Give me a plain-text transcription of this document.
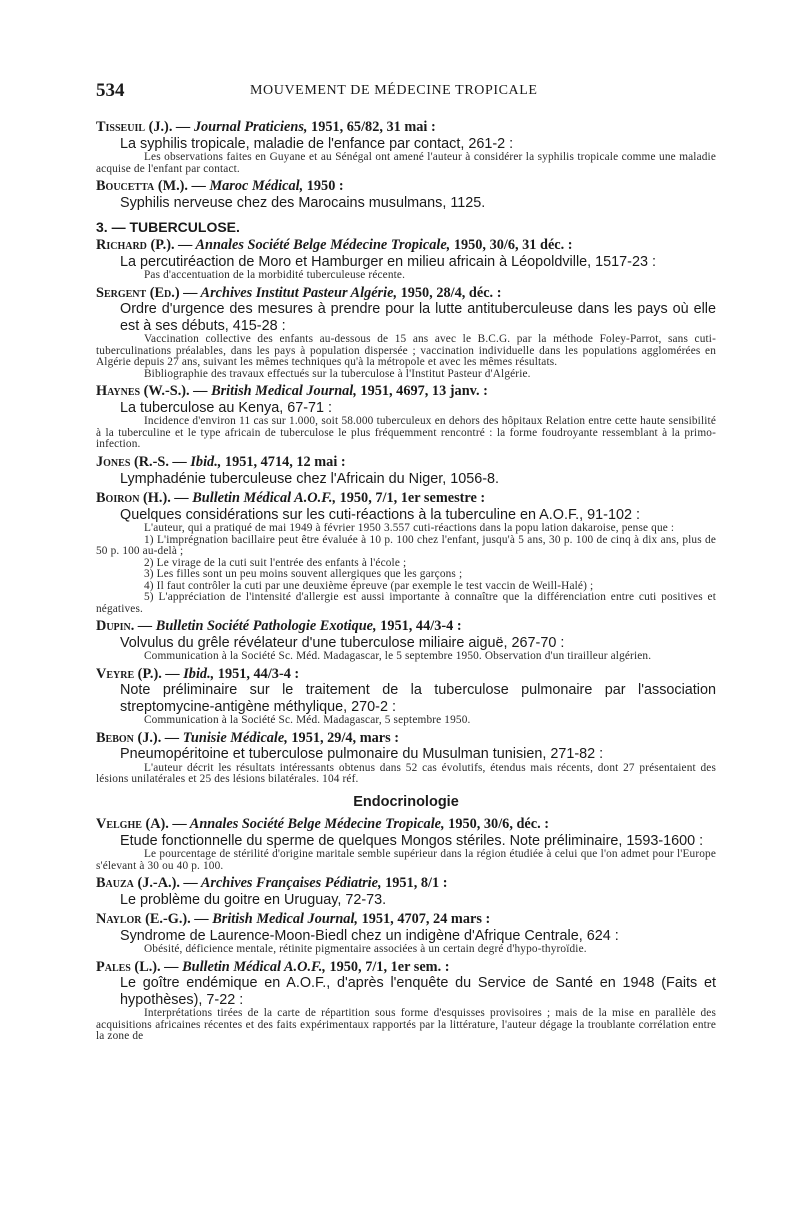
534	MOUVEMENT DE MÉDECINE TROPICALE
Tisseuil (J.). — Journal Praticiens, 1951, 65/82, 31 mai :
La syphilis tropicale, maladie de l'enfance par contact, 261-2 :

Les observations faites en Guyane et au Sénégal ont amené l'auteur à considérer la syphilis tropicale comme une maladie acquise de l'enfant par contact.

Boucetta (M.). — Maroc Médical, 1950 :
Syphilis nerveuse chez des Marocains musulmans, 1125.
3. — TUBERCULOSE.
Richard (P.). — Annales Société Belge Médecine Tropicale, 1950, 30/6, 31 déc. :
La percutiréaction de Moro et Hamburger en milieu africain à Léopoldville, 1517-23 :

Pas d'accentuation de la morbidité tuberculeuse récente.

Sergent (Ed.) — Archives Institut Pasteur Algérie, 1950, 28/4, déc. :
Ordre d'urgence des mesures à prendre pour la lutte antituberculeuse dans les pays où elle est à ses débuts, 415-28 :

Vaccination collective des enfants au-dessous de 15 ans avec le B.C.G. par la méthode Foley-Parrot, sans cuti-tuberculinations préalables, dans les pays à population dispersée ; vaccination individuelle dans les populations agglomérées en Algérie depuis 27 ans, suivant les mêmes techniques qu'à la métropole et avec les mêmes résultats.

Bibliographie des travaux effectués sur la tuberculose à l'Institut Pasteur d'Algérie.

Haynes (W.-S.). — British Medical Journal, 1951, 4697, 13 janv. :
La tuberculose au Kenya, 67-71 :

Incidence d'environ 11 cas sur 1.000, soit 58.000 tuberculeux en dehors des hôpitaux Relation entre cette haute sensibilité à la tuberculine et le type africain de tuberculose le plus fréquemment rencontré : la forme foudroyante ressemblant à la primo-infection.

Jones (R.-S. — Ibid., 1951, 4714, 12 mai :
Lymphadénie tuberculeuse chez l'Africain du Niger, 1056-8.
Boiron (H.). — Bulletin Médical A.O.F., 1950, 7/1, 1er semestre :
Quelques considérations sur les cuti-réactions à la tuberculine en A.O.F., 91-102 :

L'auteur, qui a pratiqué de mai 1949 à février 1950 3.557 cuti-réactions dans la popu lation dakaroise, pense que :

1) L'imprégnation bacillaire peut être évaluée à 10 p. 100 chez l'enfant, jusqu'à 5 ans, 30 p. 100 de cinq à dix ans, plus de 50 p. 100 au-delà ;

2) Le virage de la cuti suit l'entrée des enfants à l'école ;

3) Les filles sont un peu moins souvent allergiques que les garçons ;

4) Il faut contrôler la cuti par une deuxième épreuve (par exemple le test vaccin de Weill-Halé) ;

5) L'appréciation de l'intensité d'allergie est aussi importante à connaître que la différenciation entre cuti positives et négatives.

Dupin. — Bulletin Société Pathologie Exotique, 1951, 44/3-4 :
Volvulus du grêle révélateur d'une tuberculose miliaire aiguë, 267-70 :

Communication à la Société Sc. Méd. Madagascar, le 5 septembre 1950. Observation d'un tirailleur algérien.

Veyre (P.). — Ibid., 1951, 44/3-4 :
Note préliminaire sur le traitement de la tuberculose pulmonaire par l'association streptomycine-antigène méthylique, 270-2 :

Communication à la Société Sc. Méd. Madagascar, 5 septembre 1950.

Bebon (J.). — Tunisie Médicale, 1951, 29/4, mars :
Pneumopéritoine et tuberculose pulmonaire du Musulman tunisien, 271-82 :

L'auteur décrit les résultats intéressants obtenus dans 52 cas évolutifs, étendus mais récents, dont 27 présentaient des lésions unilatérales et 25 des lésions bilatérales. 104 réf.

Endocrinologie
Velghe (A). — Annales Société Belge Médecine Tropicale, 1950, 30/6, déc. :
Etude fonctionnelle du sperme de quelques Mongos stériles. Note préliminaire, 1593-1600 :

Le pourcentage de stérilité d'origine maritale semble supérieur dans la région étudiée à celui que l'on admet pour l'Europe s'élevant à 30 ou 40 p. 100.

Bauza (J.-A.). — Archives Françaises Pédiatrie, 1951, 8/1 :
Le problème du goitre en Uruguay, 72-73.
Naylor (E.-G.). — British Medical Journal, 1951, 4707, 24 mars :
Syndrome de Laurence-Moon-Biedl chez un indigène d'Afrique Centrale, 624 :

Obésité, déficience mentale, rétinite pigmentaire associées à un certain degré d'hypo-thyroïdie.

Pales (L.). — Bulletin Médical A.O.F., 1950, 7/1, 1er sem. :
Le goître endémique en A.O.F., d'après l'enquête du Service de Santé en 1948 (Faits et hypothèses), 7-22 :

Interprétations tirées de la carte de répartition sous forme d'esquisses provisoires ; mais de la mise en parallèle des acquisitions africaines récentes et des faits expérimentaux rapportés par la littérature, l'auteur dégage la troublante corrélation entre la zone de
